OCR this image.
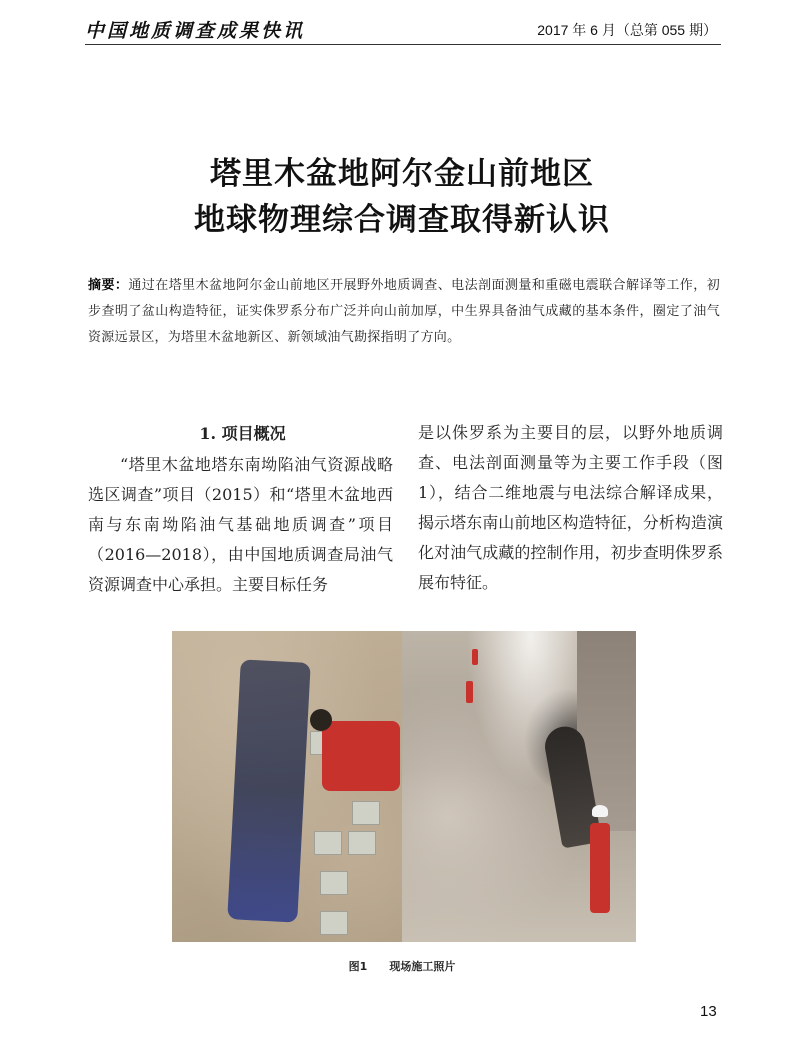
中国地质调查成果快讯	2017 年 6 月（总第 055 期）
塔里木盆地阿尔金山前地区
地球物理综合调查取得新认识
摘要：通过在塔里木盆地阿尔金山前地区开展野外地质调查、电法剖面测量和重磁电震联合解译等工作，初步查明了盆山构造特征，证实侏罗系分布广泛并向山前加厚，中生界具备油气成藏的基本条件，圈定了油气资源远景区，为塔里木盆地新区、新领域油气勘探指明了方向。
1. 项目概况

“塔里木盆地塔东南坳陷油气资源战略选区调查”项目（2015）和“塔里木盆地西南与东南坳陷油气基础地质调查”项目（2016—2018），由中国地质调查局油气资源调查中心承担。主要目标任务

是以侏罗系为主要目的层，以野外地质调查、电法剖面测量等为主要工作手段（图1），结合二维地震与电法综合解译成果，揭示塔东南山前地区构造特征，分析构造演化对油气成藏的控制作用，初步查明侏罗系展布特征。

图1 现场施工照片
13
